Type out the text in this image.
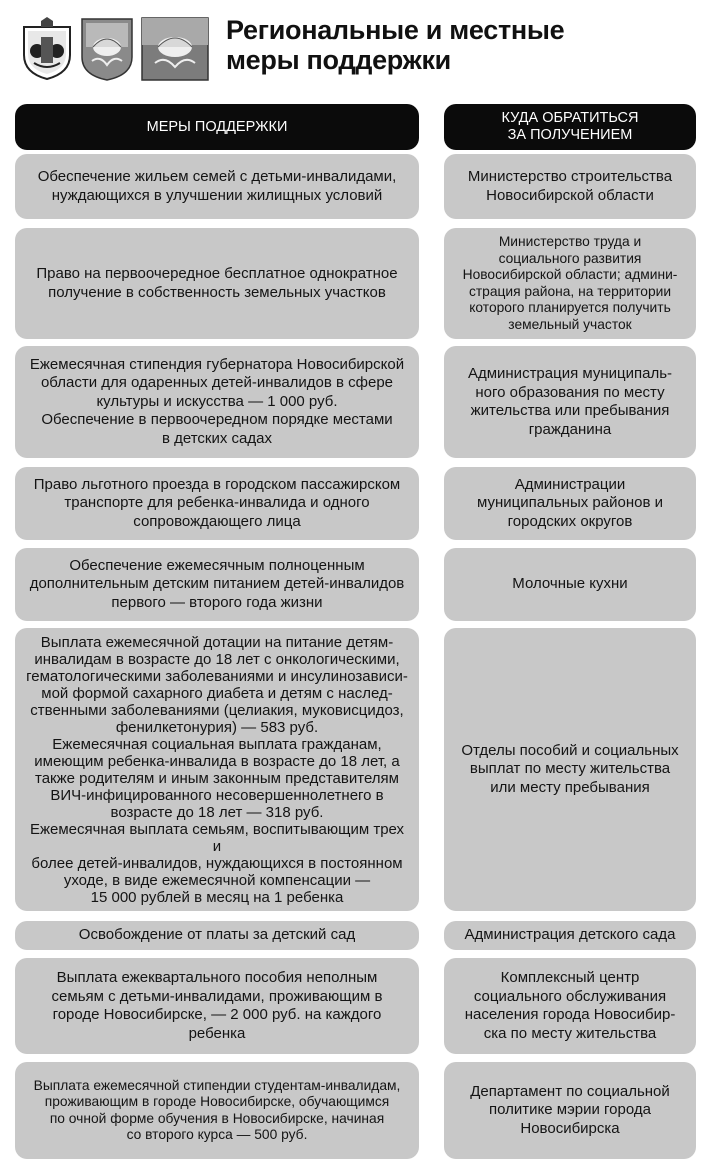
Региональные и местные
меры поддержки
МЕРЫ ПОДДЕРЖКИ
КУДА ОБРАТИТЬСЯ
ЗА ПОЛУЧЕНИЕМ
Обеспечение жильем семей с детьми-инвалидами,
нуждающихся в улучшении жилищных условий
Министерство строительства
Новосибирской области
Право на первоочередное бесплатное однократное
получение в собственность земельных участков
Министерство труда и
социального развития
Новосибирской области; админи-
страция района, на территории
которого планируется получить
земельный участок
Ежемесячная стипендия губернатора Новосибирской
области для одаренных детей-инвалидов в сфере
культуры и искусства — 1 000 руб.
Обеспечение в первоочередном порядке местами
в детских садах
Администрация муниципаль-
ного образования по месту
жительства или пребывания
гражданина
Право льготного проезда в городском пассажирском
транспорте для ребенка-инвалида и одного
сопровождающего лица
Администрации
муниципальных районов и
городских округов
Обеспечение ежемесячным полноценным
дополнительным детским питанием детей-инвалидов
первого — второго года жизни
Молочные кухни
Выплата ежемесячной дотации на питание детям-
инвалидам в возрасте до 18 лет с онкологическими,
гематологическими заболеваниями и инсулинозависи-
мой формой сахарного диабета и детям с наслед-
ственными заболеваниями (целиакия, муковисцидоз,
фенилкетонурия) — 583 руб.
Ежемесячная социальная выплата гражданам,
имеющим ребенка-инвалида в возрасте до 18 лет, а
также родителям и иным законным представителям
ВИЧ-инфицированного несовершеннолетнего в
возрасте до 18 лет — 318 руб.
Ежемесячная выплата семьям, воспитывающим трех и
более детей-инвалидов, нуждающихся в постоянном
уходе, в виде ежемесячной компенсации —
15 000 рублей в месяц на 1 ребенка
Отделы пособий и социальных
выплат по месту жительства
или месту пребывания
Освобождение от платы за детский сад	Администрация детского сада
Выплата ежеквартального пособия неполным
семьям с детьми-инвалидами, проживающим в
городе Новосибирске, — 2 000 руб. на каждого
ребенка
Комплексный центр
социального обслуживания
населения города Новосибир-
ска по месту жительства
Выплата ежемесячной стипендии студентам-инвалидам,
проживающим в городе Новосибирске, обучающимся
по очной форме обучения в Новосибирске, начиная
со второго курса — 500 руб.
Департамент по социальной
политике мэрии города
Новосибирска
